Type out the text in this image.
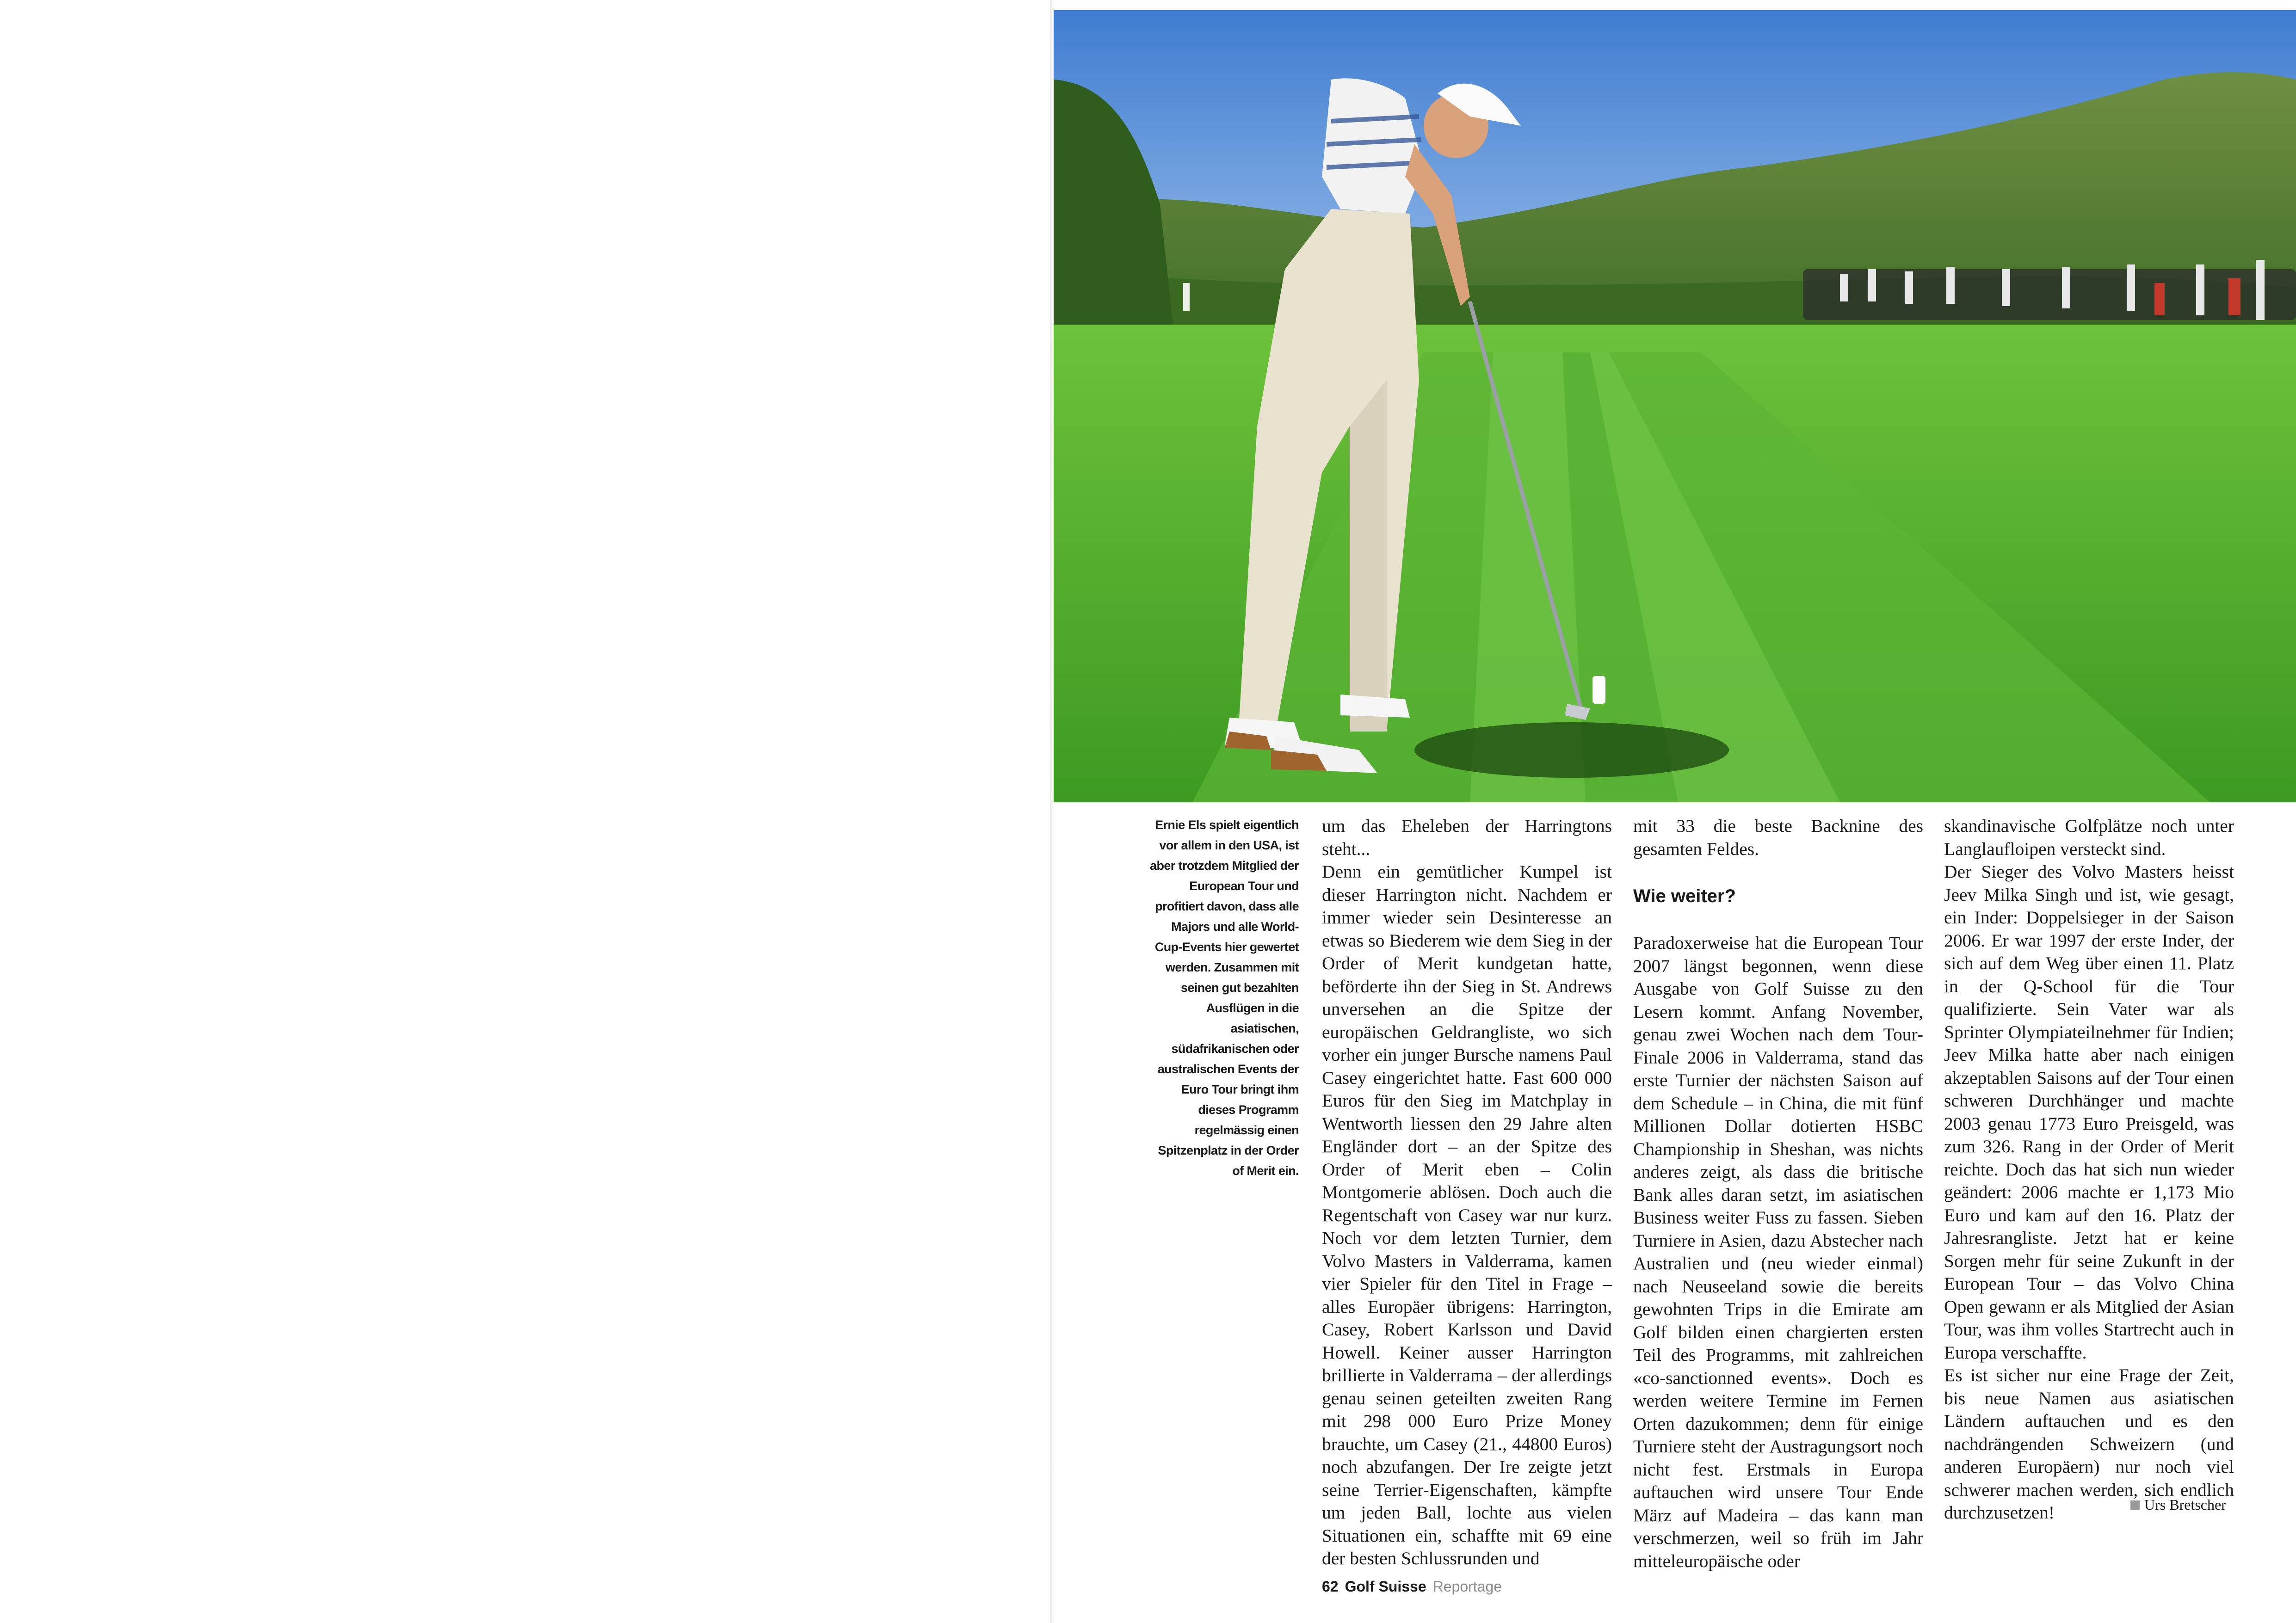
Ernie Els spielt eigentlich vor allem in den USA, ist aber trotzdem Mitglied der European Tour und profitiert davon, dass alle Majors und alle World-Cup-Events hier gewertet werden. Zusammen mit seinen gut bezahlten Ausflügen in die asiatischen, südafrikanischen oder australischen Events der Euro Tour bringt ihm dieses Programm regelmässig einen Spitzenplatz in der Order of Merit ein.

um das Eheleben der Harringtons steht...

Denn ein gemütlicher Kumpel ist dieser Harrington nicht. Nachdem er immer wieder sein Desinteresse an etwas so Biederem wie dem Sieg in der Order of Merit kundgetan hatte, beförderte ihn der Sieg in St. Andrews unversehen an die Spitze der europäischen Geldrangliste, wo sich vorher ein junger Bursche namens Paul Casey eingerichtet hatte. Fast 600 000 Euros für den Sieg im Matchplay in Wentworth liessen den 29 Jahre alten Engländer dort – an der Spitze des Order of Merit eben – Colin Montgomerie ablösen. Doch auch die Regentschaft von Casey war nur kurz. Noch vor dem letzten Turnier, dem Volvo Masters in Valderrama, kamen vier Spieler für den Titel in Frage – alles Europäer übrigens: Harrington, Casey, Robert Karlsson und David Howell. Keiner ausser Harrington brillierte in Valderrama – der allerdings genau seinen geteilten zweiten Rang mit 298 000 Euro Prize Money brauchte, um Casey (21., 44800 Euros) noch abzufangen. Der Ire zeigte jetzt seine Terrier-Eigenschaften, kämpfte um jeden Ball, lochte aus vielen Situationen ein, schaffte mit 69 eine der besten Schlussrunden und

mit 33 die beste Backnine des gesamten Feldes.

Wie weiter?

Paradoxerweise hat die European Tour 2007 längst begonnen, wenn diese Ausgabe von Golf Suisse zu den Lesern kommt. Anfang November, genau zwei Wochen nach dem Tour-Finale 2006 in Valderrama, stand das erste Turnier der nächsten Saison auf dem Schedule – in China, die mit fünf Millionen Dollar dotierten HSBC Championship in Sheshan, was nichts anderes zeigt, als dass die britische Bank alles daran setzt, im asiatischen Business weiter Fuss zu fassen. Sieben Turniere in Asien, dazu Abstecher nach Australien und (neu wieder einmal) nach Neuseeland sowie die bereits gewohnten Trips in die Emirate am Golf bilden einen chargierten ersten Teil des Programms, mit zahlreichen «co-sanctionned events». Doch es werden weitere Termine im Fernen Orten dazukommen; denn für einige Turniere steht der Austragungsort noch nicht fest. Erstmals in Europa auftauchen wird unsere Tour Ende März auf Madeira – das kann man verschmerzen, weil so früh im Jahr mitteleuropäische oder

skandinavische Golfplätze noch unter Langlaufloipen versteckt sind.

Der Sieger des Volvo Masters heisst Jeev Milka Singh und ist, wie gesagt, ein Inder: Doppelsieger in der Saison 2006. Er war 1997 der erste Inder, der sich auf dem Weg über einen 11. Platz in der Q-School für die Tour qualifizierte. Sein Vater war als Sprinter Olympiateilnehmer für Indien; Jeev Milka hatte aber nach einigen akzeptablen Saisons auf der Tour einen schweren Durchhänger und machte 2003 genau 1773 Euro Preisgeld, was zum 326. Rang in der Order of Merit reichte. Doch das hat sich nun wieder geändert: 2006 machte er 1,173 Mio Euro und kam auf den 16. Platz der Jahresrangliste. Jetzt hat er keine Sorgen mehr für seine Zukunft in der European Tour – das Volvo China Open gewann er als Mitglied der Asian Tour, was ihm volles Startrecht auch in Europa verschaffte.

Es ist sicher nur eine Frage der Zeit, bis neue Namen aus asiatischen Ländern auftauchen und es den nachdrängenden Schweizern (und anderen Europäern) nur noch viel schwerer machen werden, sich endlich durchzusetzen!	Urs Bretscher
62 Golf Suisse Reportage
